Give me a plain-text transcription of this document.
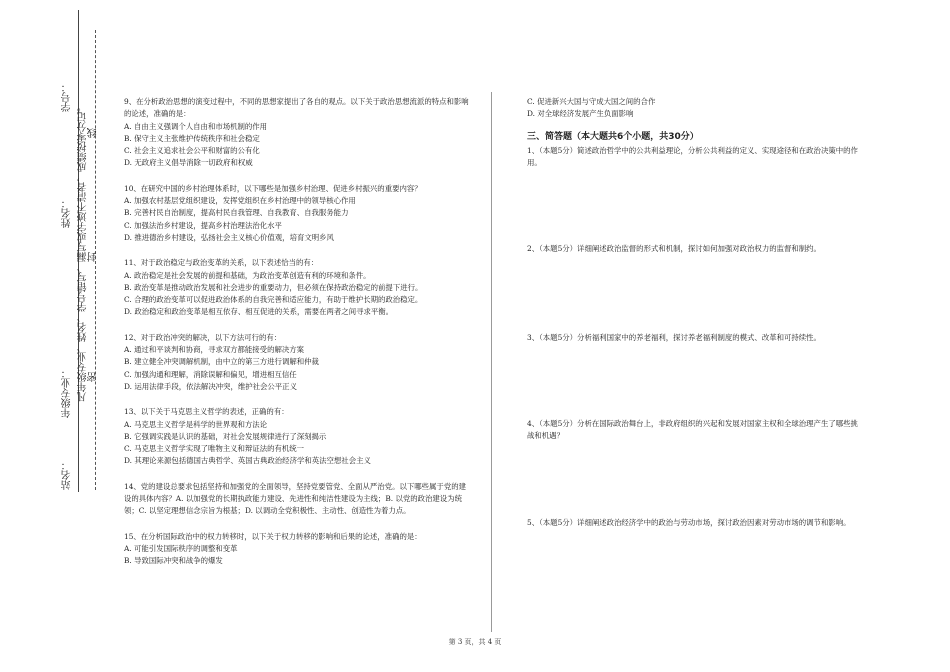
学号：
姓名：
年级专业：
站名：
凡年级专业、姓名、学号错写、漏写或字迹不清者，成绩按零分记。 密
封
线

9、在分析政治思想的演变过程中，不同的思想家提出了各自的观点。以下关于政治思想流派的特点和影响的论述，准确的是：

A. 自由主义强调个人自由和市场机制的作用

B. 保守主义主张维护传统秩序和社会稳定

C. 社会主义追求社会公平和财富的公有化

D. 无政府主义倡导消除一切政府和权威

10、在研究中国的乡村治理体系时，以下哪些是加强乡村治理、促进乡村振兴的重要内容？

A. 加强农村基层党组织建设，发挥党组织在乡村治理中的领导核心作用

B. 完善村民自治制度，提高村民自我管理、自我教育、自我服务能力

C. 加强法治乡村建设，提高乡村治理法治化水平

D. 推进德治乡村建设，弘扬社会主义核心价值观，培育文明乡风

11、对于政治稳定与政治变革的关系，以下表述恰当的有：

A. 政治稳定是社会发展的前提和基础，为政治变革创造有利的环境和条件。

B. 政治变革是推动政治发展和社会进步的重要动力，但必须在保持政治稳定的前提下进行。

C. 合理的政治变革可以促进政治体系的自我完善和适应能力，有助于维护长期的政治稳定。

D. 政治稳定和政治变革是相互依存、相互促进的关系，需要在两者之间寻求平衡。

12、对于政治冲突的解决，以下方法可行的有：

A. 通过和平谈判和协商，寻求双方都能接受的解决方案

B. 建立健全冲突调解机制，由中立的第三方进行调解和仲裁

C. 加强沟通和理解，消除误解和偏见，增进相互信任

D. 运用法律手段，依法解决冲突，维护社会公平正义

13、以下关于马克思主义哲学的表述，正确的有：

A. 马克思主义哲学是科学的世界观和方法论

B. 它强调实践是认识的基础，对社会发展规律进行了深刻揭示

C. 马克思主义哲学实现了唯物主义和辩证法的有机统一

D. 其理论来源包括德国古典哲学、英国古典政治经济学和英法空想社会主义

14、党的建设总要求包括坚持和加强党的全面领导，坚持党要管党、全面从严治党。以下哪些属于党的建设的具体内容？A. 以加强党的长期执政能力建设、先进性和纯洁性建设为主线；B. 以党的政治建设为统领；C. 以坚定理想信念宗旨为根基；D. 以调动全党积极性、主动性、创造性为着力点。

15、在分析国际政治中的权力转移时，以下关于权力转移的影响和后果的论述，准确的是：

A. 可能引发国际秩序的调整和变革

B. 导致国际冲突和战争的爆发

C. 促进新兴大国与守成大国之间的合作

D. 对全球经济发展产生负面影响

三、简答题（本大题共6个小题，共30分）

1、（本题5分）简述政治哲学中的公共利益理论，分析公共利益的定义、实现途径和在政治决策中的作用。

2、（本题5分）详细阐述政治监督的形式和机制，探讨如何加强对政治权力的监督和制约。

3、（本题5分）分析福利国家中的养老福利，探讨养老福利制度的模式、改革和可持续性。

4、（本题5分）分析在国际政治舞台上，非政府组织的兴起和发展对国家主权和全球治理产生了哪些挑战和机遇？

5、（本题5分）详细阐述政治经济学中的政治与劳动市场，探讨政治因素对劳动市场的调节和影响。

第 3 页，共 4 页
